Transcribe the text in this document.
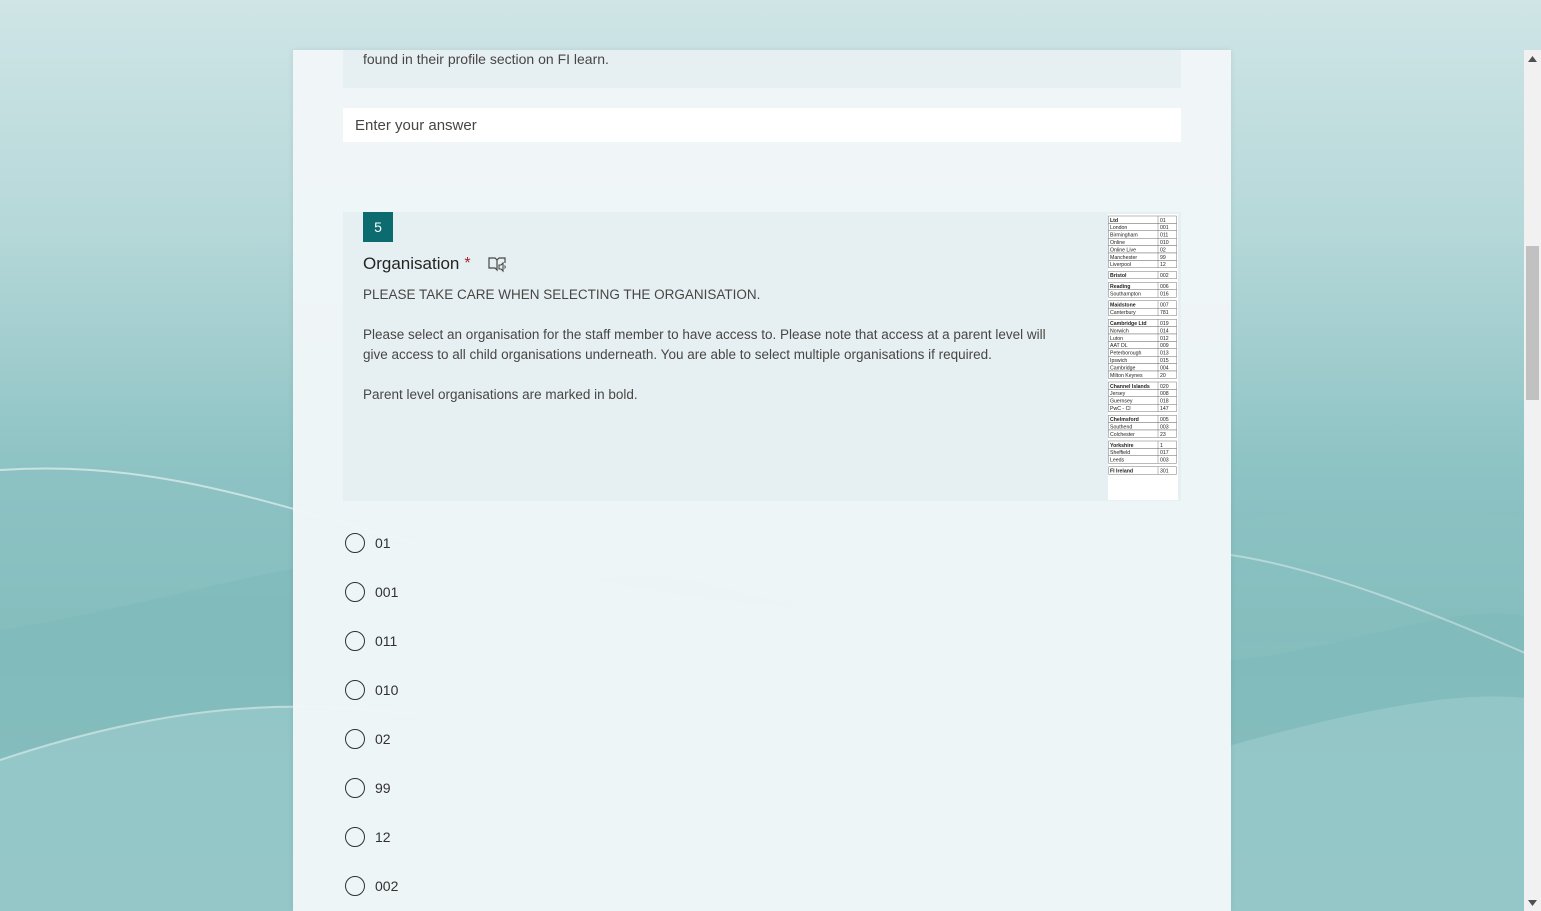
found in their profile section on FI learn.
Enter your answer
5
Organisation *

PLEASE TAKE CARE WHEN SELECTING THE ORGANISATION.

Please select an organisation for the staff member to have access to. Please note that access at a parent level will give access to all child organisations underneath. You are able to select multiple organisations if required.

Parent level organisations are marked in bold.

Ltd	01
London	001
Birmingham	011
Online	010
Online Live	02
Manchester	99
Liverpool	12
Bristol	002
Reading	006
Southampton	016
Maidstone	007
Canterbury	781
Cambridge Ltd	019
Norwich	014
Luton	012
AAT DL	009
Peterborough	013
Ipswich	015
Cambridge	004
Milton Keynes	20
Channel Islands 020
Jersey	008
Guernsey	018
PwC - CI	147
Chelmsford	005
Southend	003
Colchester	23
Yorkshire	1
Sheffield	017
Leeds	003
FI Ireland	301
01
001
011
010
02
99
12
002
